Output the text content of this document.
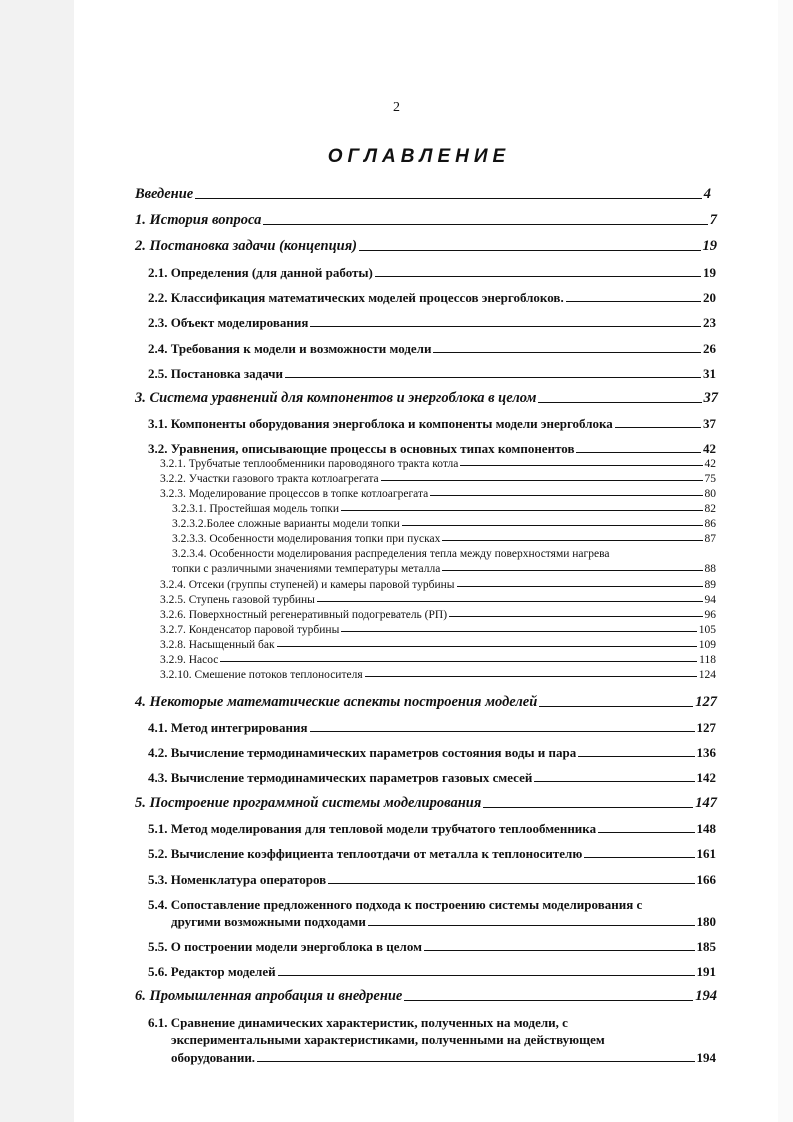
2
ОГЛАВЛЕНИЕ
Введение	4
1. История вопроса	7
2. Постановка задачи (концепция)	19
2.1. Определения (для данной работы)	19
2.2. Классификация математических моделей процессов энергоблоков.	20
2.3. Объект моделирования	23
2.4. Требования к модели и возможности модели	26
2.5. Постановка задачи	31
3. Система уравнений для компонентов и энергоблока в целом	37
3.1. Компоненты оборудования энергоблока и компоненты модели энергоблока	37
3.2. Уравнения, описывающие процессы в основных типах компонентов	42
3.2.1. Трубчатые теплообменники пароводяного тракта котла	42
3.2.2. Участки газового тракта котлоагрегата	75
3.2.3. Моделирование процессов в топке котлоагрегата	80
3.2.3.1. Простейшая модель топки	82
3.2.3.2.Более сложные варианты модели топки	86
3.2.3.3. Особенности моделирования топки при пусках	87
3.2.3.4. Особенности моделирования распределения тепла между поверхностями нагрева
топки с различными значениями температуры металла	88
3.2.4. Отсеки (группы ступеней) и камеры паровой турбины	89
3.2.5. Ступень газовой турбины	94
3.2.6. Поверхностный регенеративный подогреватель (РП)	96
3.2.7. Конденсатор паровой турбины	105
3.2.8. Насыщенный бак	109
3.2.9. Насос	118
3.2.10. Смешение потоков теплоносителя	124
4. Некоторые математические аспекты построения моделей	127
4.1. Метод интегрирования	127
4.2. Вычисление термодинамических параметров состояния воды и пара	136
4.3. Вычисление термодинамических параметров газовых смесей	142
5. Построение программной системы моделирования	147
5.1. Метод моделирования для тепловой модели трубчатого теплообменника	148
5.2. Вычисление коэффициента теплоотдачи от металла к теплоносителю	161
5.3. Номенклатура операторов	166
5.4. Сопоставление предложенного подхода к построению системы моделирования с
другими возможными подходами	180
5.5. О построении модели энергоблока в целом	185
5.6. Редактор моделей	191
6. Промышленная апробация и внедрение	194
6.1. Сравнение динамических характеристик, полученных на модели, с
экспериментальными характеристиками, полученными на действующем
оборудовании.	194
